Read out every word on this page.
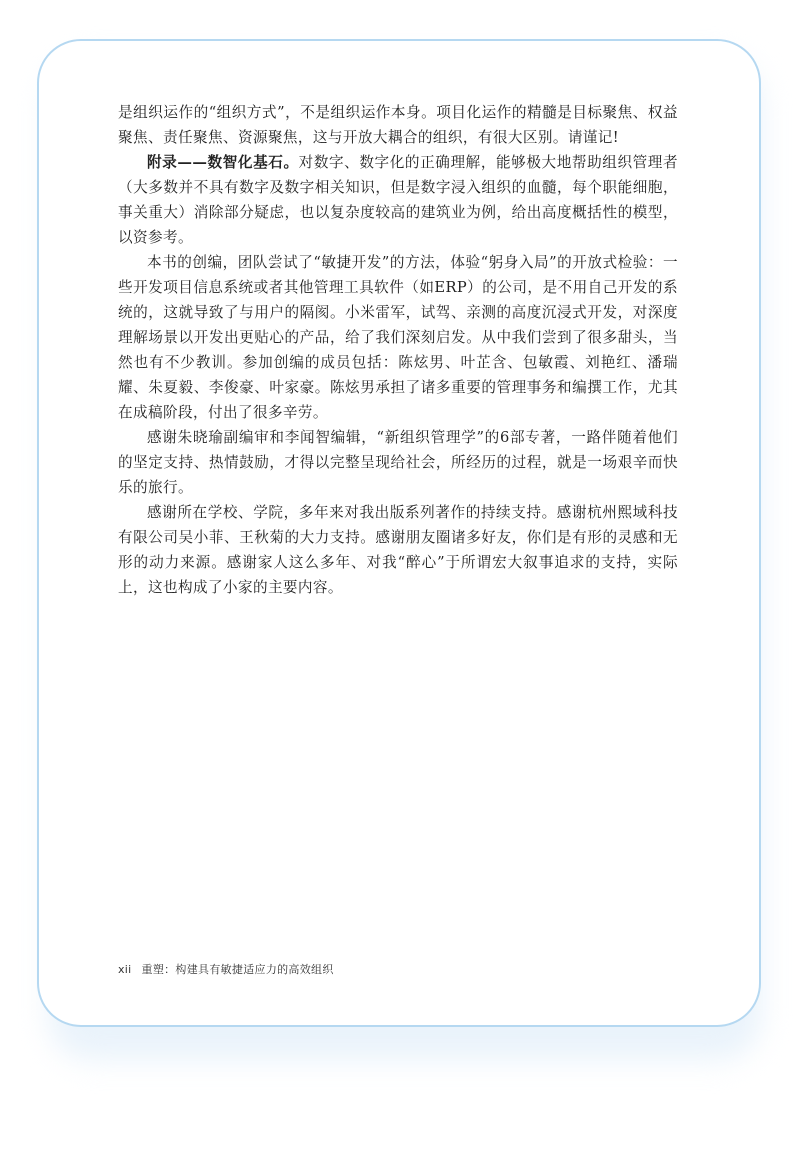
是组织运作的“组织方式”，不是组织运作本身。项目化运作的精髓是目标聚焦、权益聚焦、责任聚焦、资源聚焦，这与开放大耦合的组织，有很大区别。请谨记!

附录——数智化基石。对数字、数字化的正确理解，能够极大地帮助组织管理者（大多数并不具有数字及数字相关知识，但是数字浸入组织的血髓，每个职能细胞，事关重大）消除部分疑虑，也以复杂度较高的建筑业为例，给出高度概括性的模型，以资参考。

本书的创编，团队尝试了“敏捷开发”的方法，体验“躬身入局”的开放式检验：一些开发项目信息系统或者其他管理工具软件（如ERP）的公司，是不用自己开发的系统的，这就导致了与用户的隔阂。小米雷军，试驾、亲测的高度沉浸式开发，对深度理解场景以开发出更贴心的产品，给了我们深刻启发。从中我们尝到了很多甜头，当然也有不少教训。参加创编的成员包括：陈炫男、叶芷含、包敏霞、刘艳红、潘瑞耀、朱夏毅、李俊豪、叶家豪。陈炫男承担了诸多重要的管理事务和编撰工作，尤其在成稿阶段，付出了很多辛劳。

感谢朱晓瑜副编审和李闻智编辑，“新组织管理学”的6部专著，一路伴随着他们的坚定支持、热情鼓励，才得以完整呈现给社会，所经历的过程，就是一场艰辛而快乐的旅行。

感谢所在学校、学院，多年来对我出版系列著作的持续支持。感谢杭州熙域科技有限公司吴小菲、王秋菊的大力支持。感谢朋友圈诸多好友，你们是有形的灵感和无形的动力来源。感谢家人这么多年、对我“醉心”于所谓宏大叙事追求的支持，实际上，这也构成了小家的主要内容。

xii 重塑：构建具有敏捷适应力的高效组织
